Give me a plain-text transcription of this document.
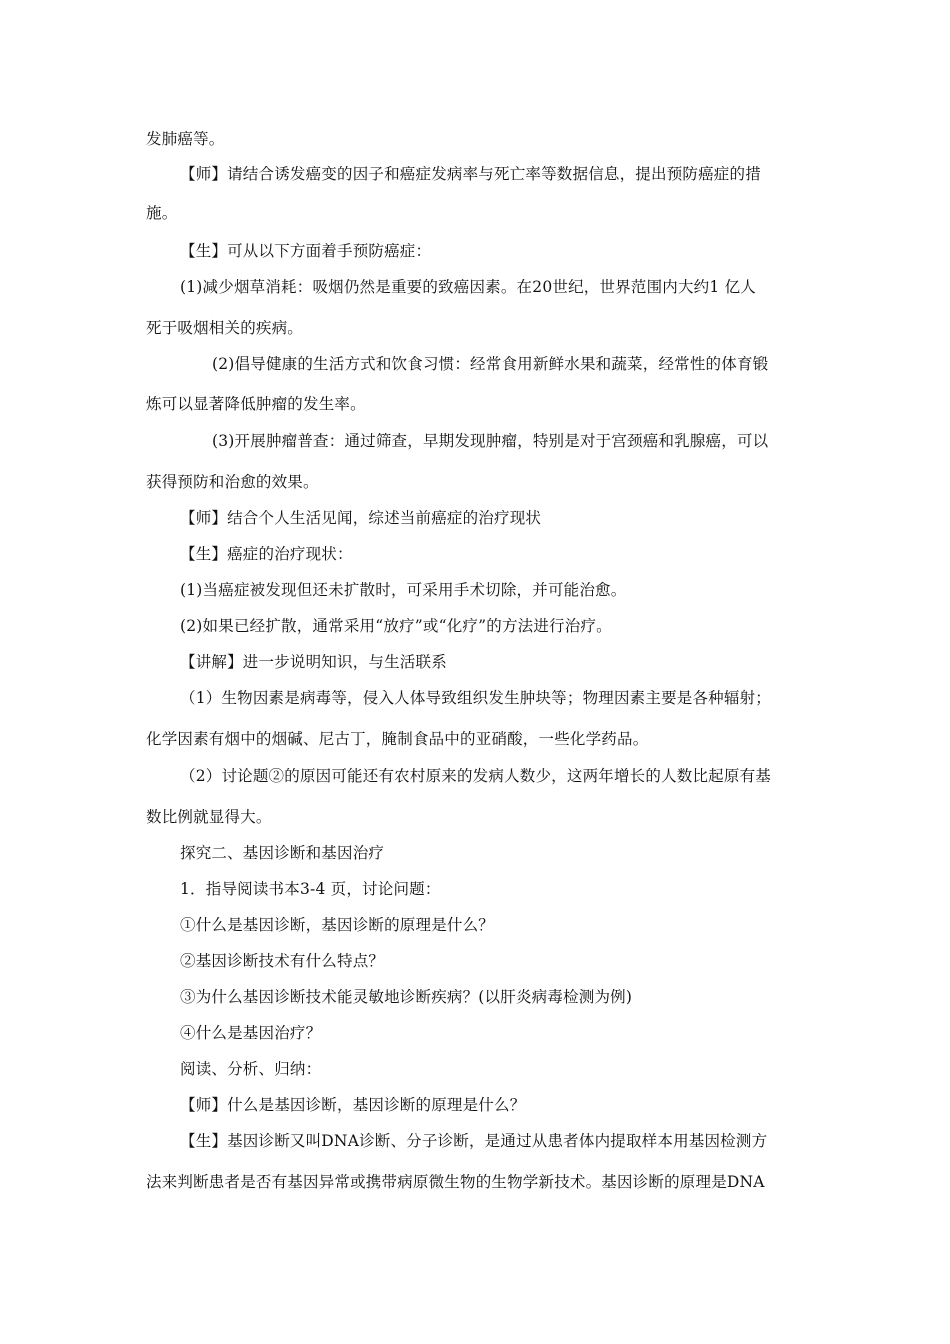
发肺癌等。
【师】请结合诱发癌变的因子和癌症发病率与死亡率等数据信息，提出预防癌症的措
施。
【生】可从以下方面着手预防癌症：
(1)减少烟草消耗：吸烟仍然是重要的致癌因素。在20世纪，世界范围内大约1 亿人
死于吸烟相关的疾病。
(2)倡导健康的生活方式和饮食习惯：经常食用新鲜水果和蔬菜，经常性的体育锻
炼可以显著降低肿瘤的发生率。
(3)开展肿瘤普查：通过筛查，早期发现肿瘤，特别是对于宫颈癌和乳腺癌，可以
获得预防和治愈的效果。
【师】结合个人生活见闻，综述当前癌症的治疗现状
【生】癌症的治疗现状：
(1)当癌症被发现但还未扩散时，可采用手术切除，并可能治愈。
(2)如果已经扩散，通常采用“放疗”或“化疗”的方法进行治疗。
【讲解】进一步说明知识，与生活联系
（1）生物因素是病毒等，侵入人体导致组织发生肿块等；物理因素主要是各种辐射；
化学因素有烟中的烟碱、尼古丁，腌制食品中的亚硝酸，一些化学药品。
（2）讨论题②的原因可能还有农村原来的发病人数少，这两年增长的人数比起原有基
数比例就显得大。
探究二、基因诊断和基因治疗
1．指导阅读书本3-4 页，讨论问题：
①什么是基因诊断，基因诊断的原理是什么？
②基因诊断技术有什么特点？
③为什么基因诊断技术能灵敏地诊断疾病？(以肝炎病毒检测为例)
④什么是基因治疗？
阅读、分析、归纳：
【师】什么是基因诊断，基因诊断的原理是什么？
【生】基因诊断又叫DNA诊断、分子诊断，是通过从患者体内提取样本用基因检测方
法来判断患者是否有基因异常或携带病原微生物的生物学新技术。基因诊断的原理是DNA
